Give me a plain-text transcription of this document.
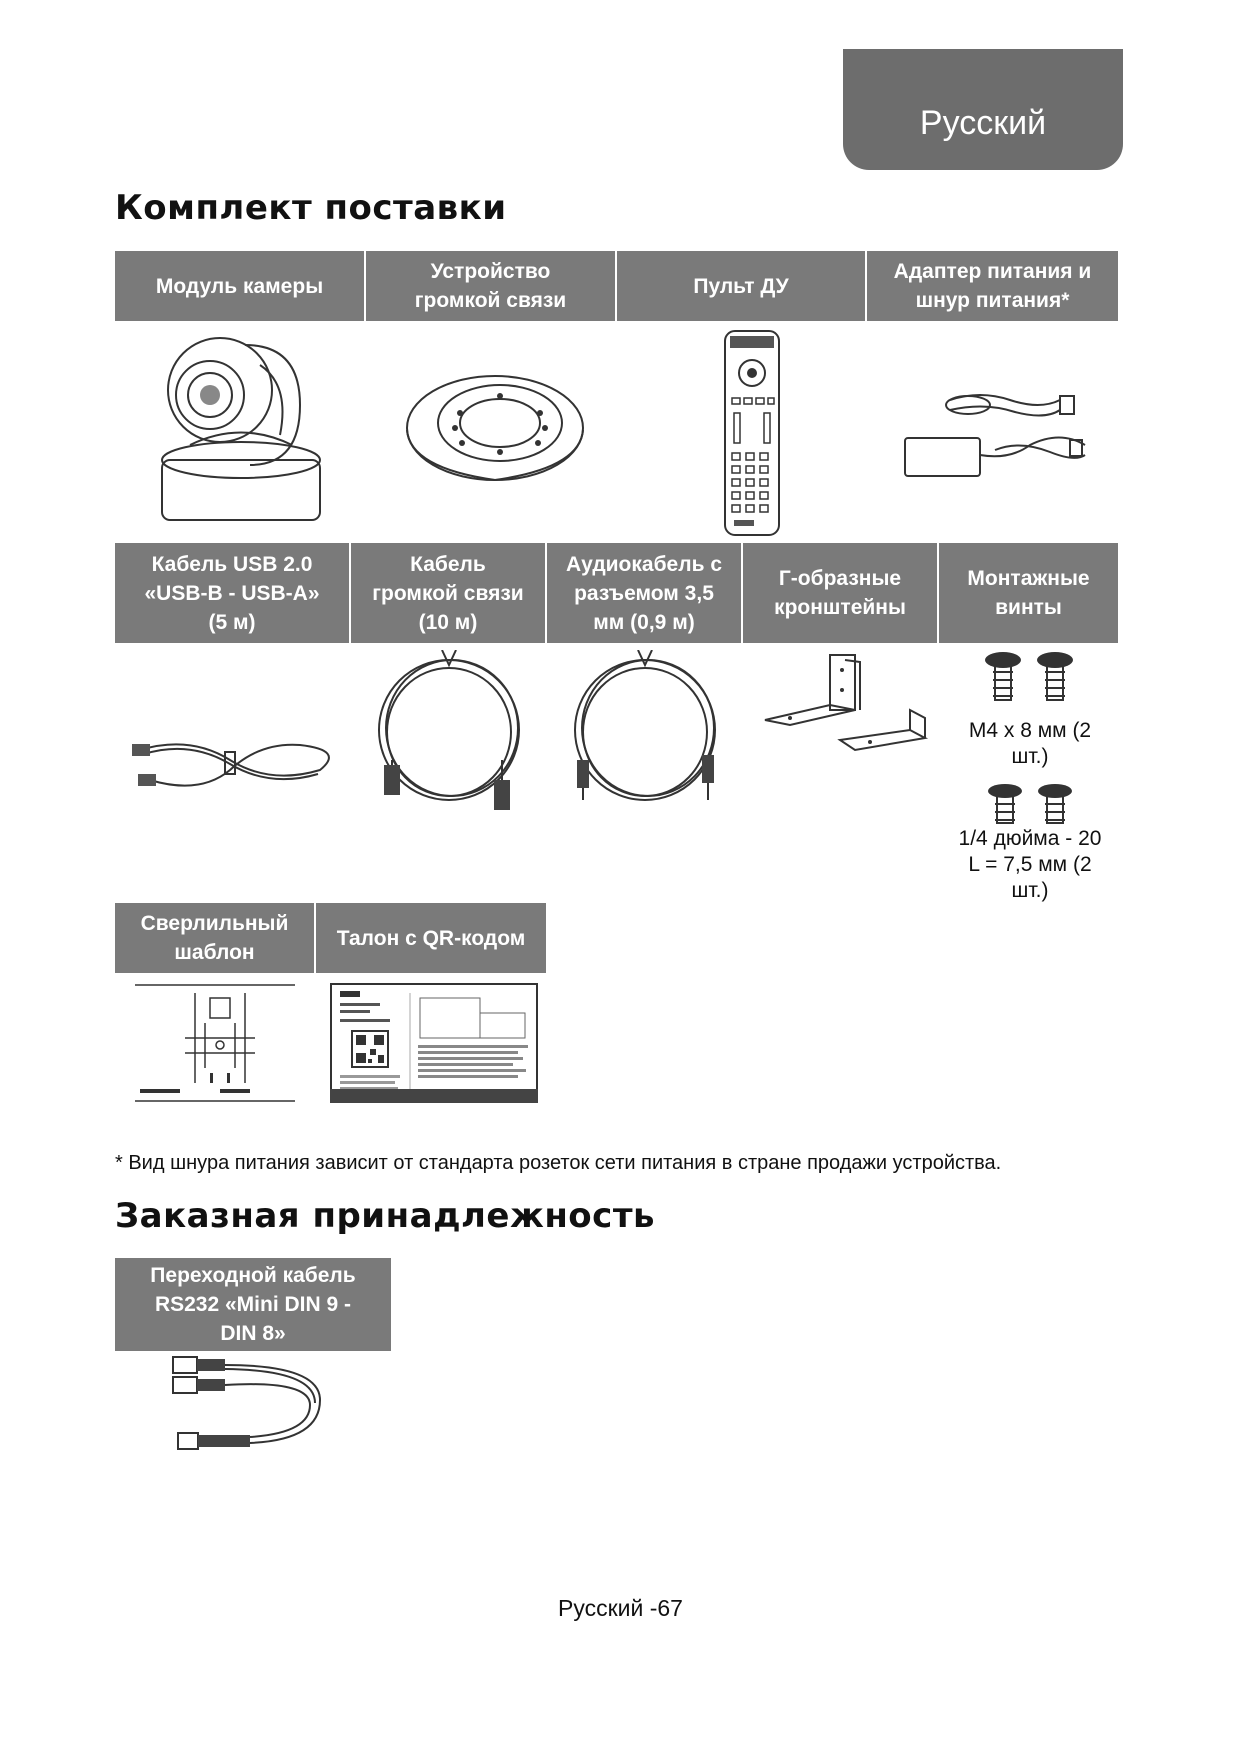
Русский
Комплект поставки
Модуль камеры
Устройство
громкой связи
Пульт ДУ
Адаптер питания и
шнур питания*
Кабель USB 2.0
«USB-B - USB-A»
(5 м)
Кабель
громкой связи
(10 м)
Аудиокабель с
разъемом 3,5
мм (0,9 м)
Г-образные
кронштейны
Монтажные
винты
M4 x 8 мм (2
шт.)
1/4 дюйма - 20
L = 7,5 мм (2
шт.)
Сверлильный
шаблон
Талон с QR-кодом
* Вид шнура питания зависит от стандарта розеток сети питания в стране продажи устройства.
Заказная принадлежность
Переходной кабель
RS232 «Mini DIN 9 -
DIN 8»
Русский -67
